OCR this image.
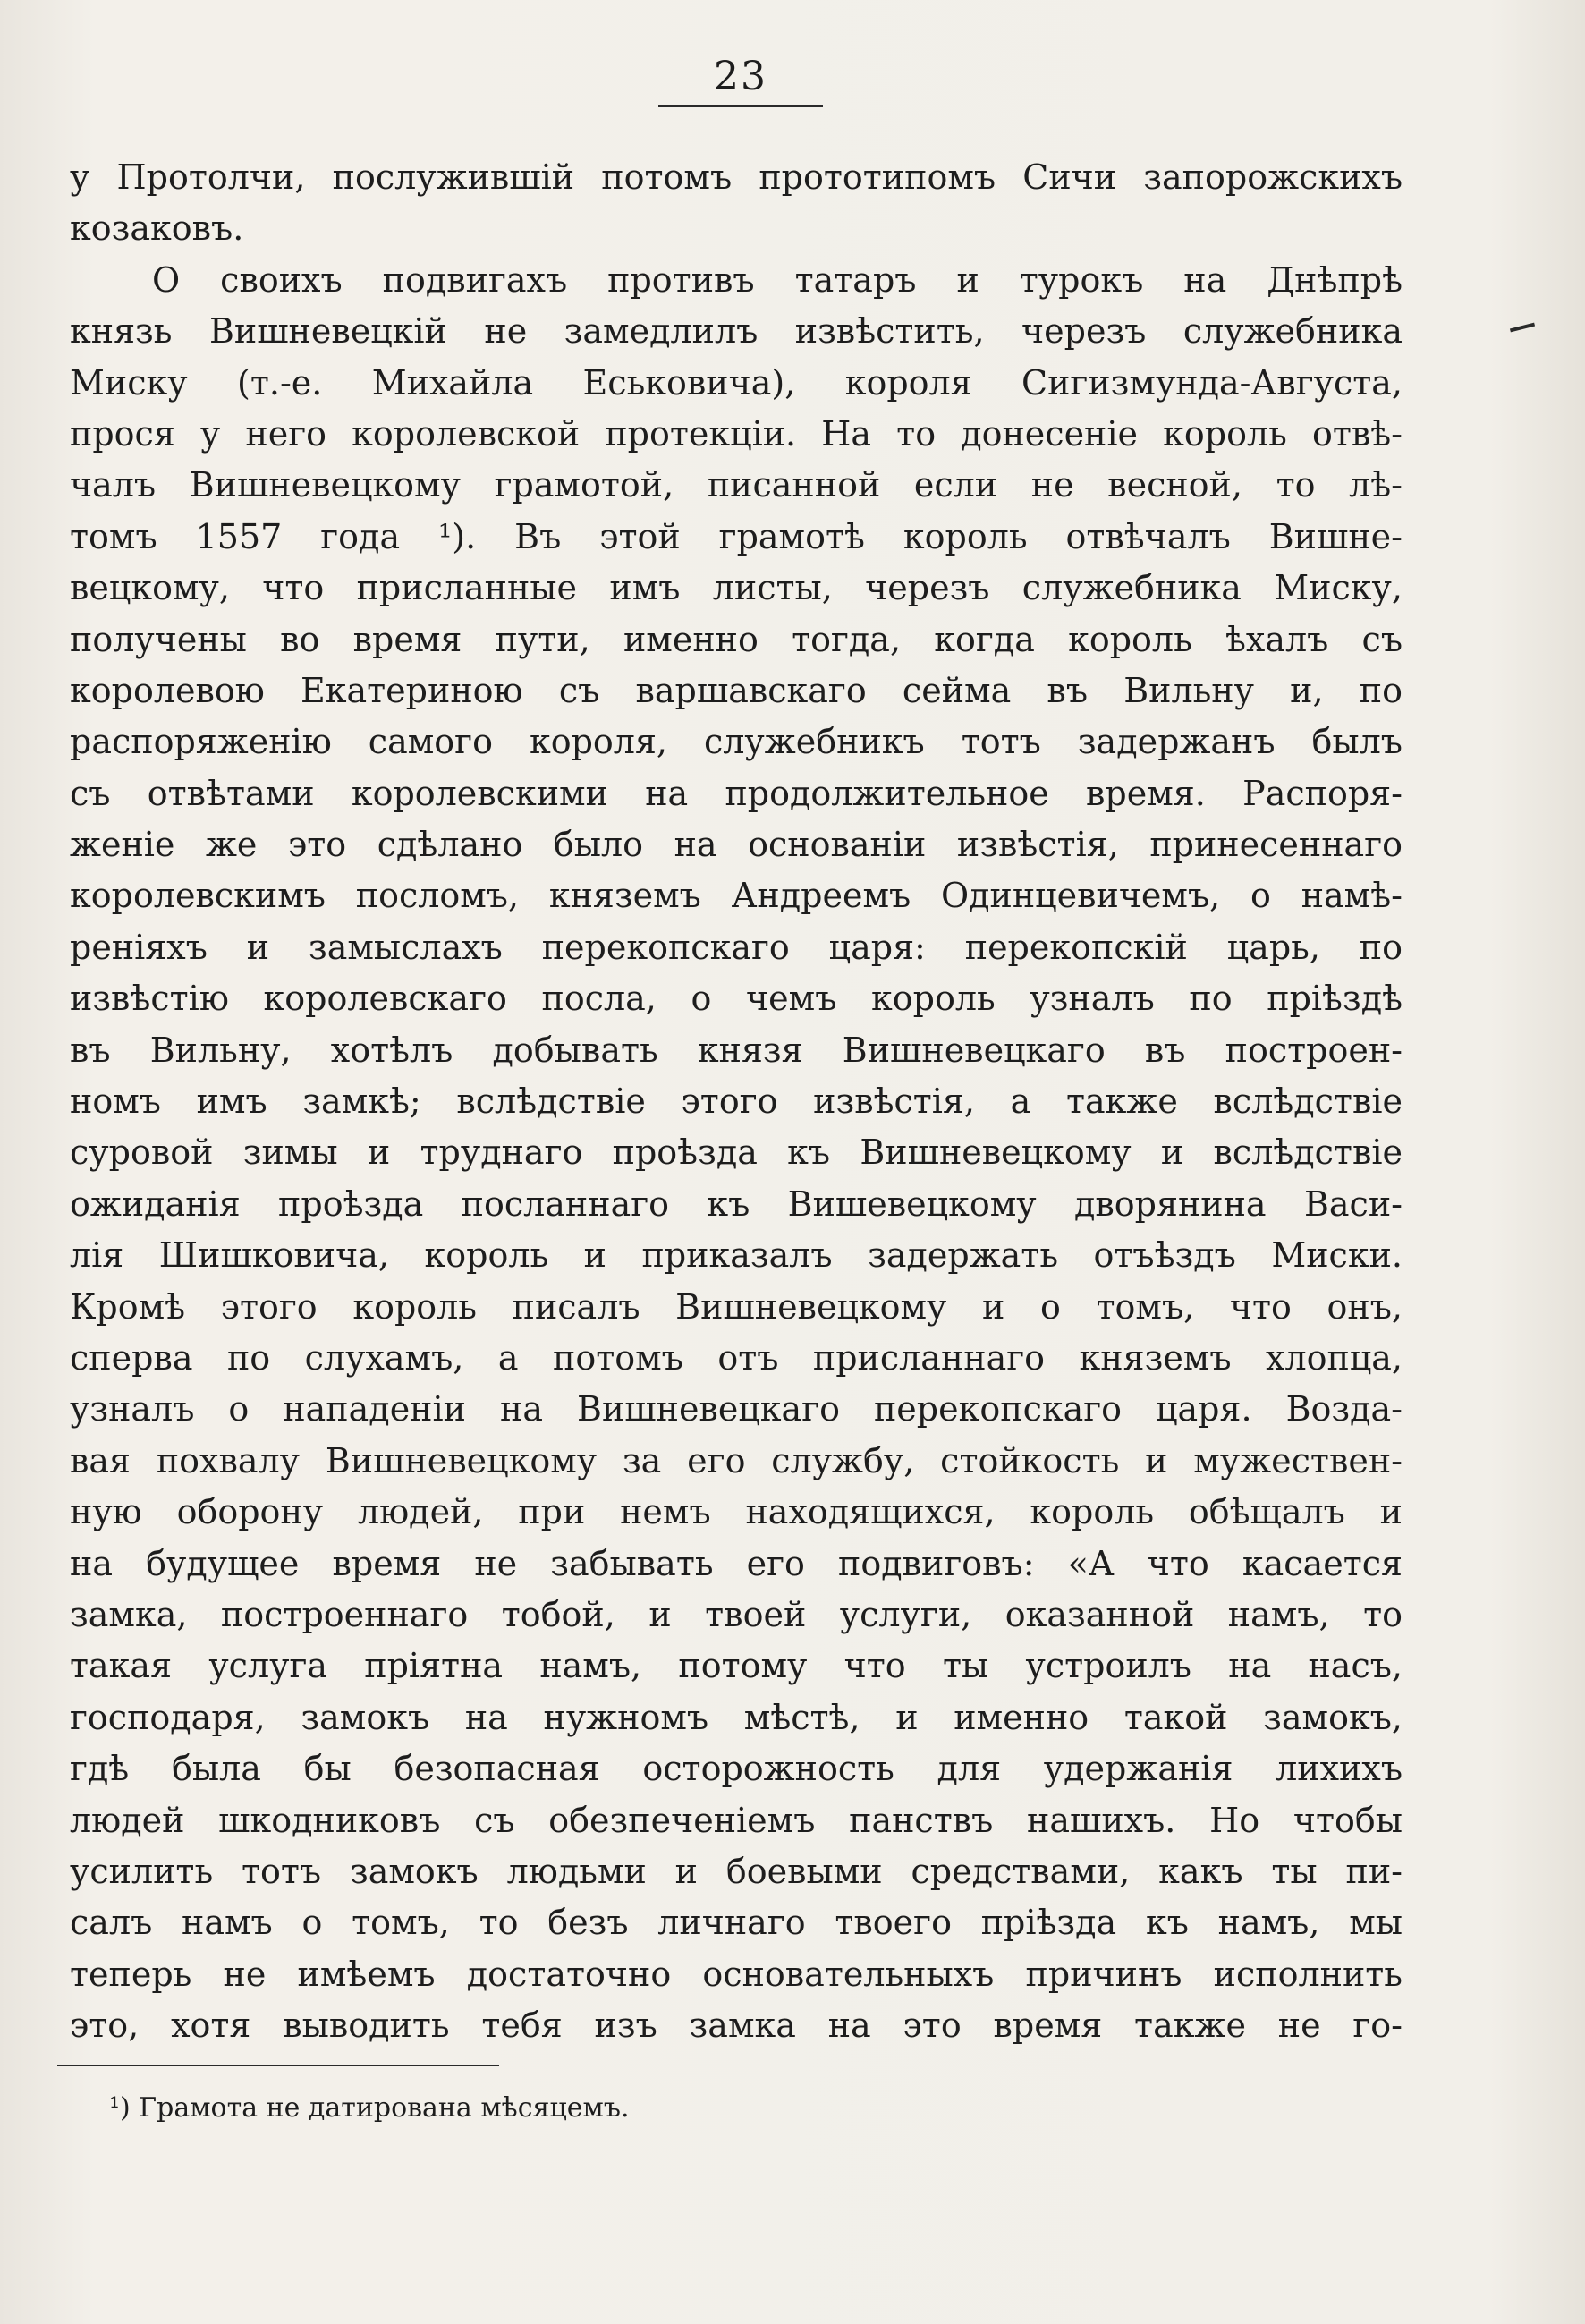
23
у Протолчи, послужившій потомъ прототипомъ Сичи запорожскихъ
козаковъ.
О своихъ подвигахъ противъ татаръ и турокъ на Днѣпрѣ
князь Вишневецкій не замедлилъ извѣстить, черезъ служебника
Миску (т.-е. Михайла Еськовича), короля Сигизмунда-Августа,
прося у него королевской протекціи. На то донесеніе король отвѣ-
чалъ Вишневецкому грамотой, писанной если не весной, то лѣ-
томъ 1557 года ¹). Въ этой грамотѣ король отвѣчалъ Вишне-
вецкому, что присланные имъ листы, черезъ служебника Миску,
получены во время пути, именно тогда, когда король ѣхалъ съ
королевою Екатериною съ варшавскаго сейма въ Вильну и, по
распоряженію самого короля, служебникъ тотъ задержанъ былъ
съ отвѣтами королевскими на продолжительное время. Распоря-
женіе же это сдѣлано было на основаніи извѣстія, принесеннаго
королевскимъ посломъ, княземъ Андреемъ Одинцевичемъ, о намѣ-
реніяхъ и замыслахъ перекопскаго царя: перекопскій царь, по
извѣстію королевскаго посла, о чемъ король узналъ по пріѣздѣ
въ Вильну, хотѣлъ добывать князя Вишневецкаго въ построен-
номъ имъ замкѣ; вслѣдствіе этого извѣстія, а также вслѣдствіе
суровой зимы и труднаго проѣзда къ Вишневецкому и вслѣдствіе
ожиданія проѣзда посланнаго къ Вишевецкому дворянина Васи-
лія Шишковича, король и приказалъ задержать отъѣздъ Миски.
Кромѣ этого король писалъ Вишневецкому и о томъ, что онъ,
сперва по слухамъ, а потомъ отъ присланнаго княземъ хлопца,
узналъ о нападеніи на Вишневецкаго перекопскаго царя. Возда-
вая похвалу Вишневецкому за его службу, стойкость и мужествен-
ную оборону людей, при немъ находящихся, король обѣщалъ и
на будущее время не забывать его подвиговъ: «А что касается
замка, построеннаго тобой, и твоей услуги, оказанной намъ, то
такая услуга пріятна намъ, потому что ты устроилъ на насъ,
господаря, замокъ на нужномъ мѣстѣ, и именно такой замокъ,
гдѣ была бы безопасная осторожность для удержанія лихихъ
людей шкодниковъ съ обезпеченіемъ панствъ нашихъ. Но чтобы
усилить тотъ замокъ людьми и боевыми средствами, какъ ты пи-
салъ намъ о томъ, то безъ личнаго твоего пріѣзда къ намъ, мы
теперь не имѣемъ достаточно основательныхъ причинъ исполнить
это, хотя выводить тебя изъ замка на это время также не го-
¹) Грамота не датирована мѣсяцемъ.
